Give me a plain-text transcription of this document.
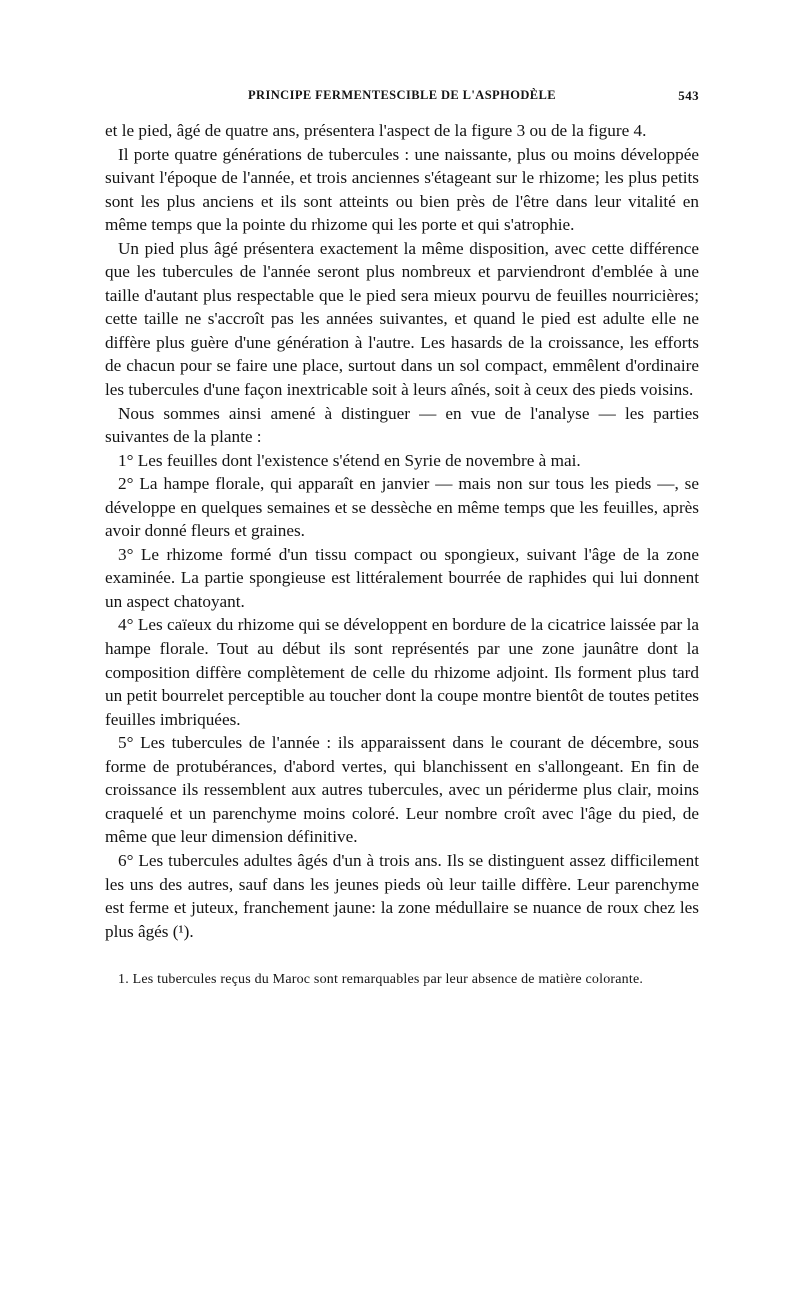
PRINCIPE FERMENTESCIBLE DE L'ASPHODÈLE	543

et le pied, âgé de quatre ans, présentera l'aspect de la figure 3 ou de la figure 4.

Il porte quatre générations de tubercules : une naissante, plus ou moins développée suivant l'époque de l'année, et trois anciennes s'étageant sur le rhizome; les plus petits sont les plus anciens et ils sont atteints ou bien près de l'être dans leur vitalité en même temps que la pointe du rhizome qui les porte et qui s'atrophie.

Un pied plus âgé présentera exactement la même disposition, avec cette différence que les tubercules de l'année seront plus nombreux et parviendront d'emblée à une taille d'autant plus respectable que le pied sera mieux pourvu de feuilles nourricières; cette taille ne s'accroît pas les années suivantes, et quand le pied est adulte elle ne diffère plus guère d'une génération à l'autre. Les hasards de la croissance, les efforts de chacun pour se faire une place, surtout dans un sol compact, emmêlent d'ordinaire les tubercules d'une façon inextricable soit à leurs aînés, soit à ceux des pieds voisins.

Nous sommes ainsi amené à distinguer — en vue de l'analyse — les parties suivantes de la plante :

1° Les feuilles dont l'existence s'étend en Syrie de novembre à mai.

2° La hampe florale, qui apparaît en janvier — mais non sur tous les pieds —, se développe en quelques semaines et se dessèche en même temps que les feuilles, après avoir donné fleurs et graines.

3° Le rhizome formé d'un tissu compact ou spongieux, suivant l'âge de la zone examinée. La partie spongieuse est littéralement bourrée de raphides qui lui donnent un aspect chatoyant.

4° Les caïeux du rhizome qui se développent en bordure de la cicatrice laissée par la hampe florale. Tout au début ils sont représentés par une zone jaunâtre dont la composition diffère complètement de celle du rhizome adjoint. Ils forment plus tard un petit bourrelet perceptible au toucher dont la coupe montre bientôt de toutes petites feuilles imbriquées.

5° Les tubercules de l'année : ils apparaissent dans le courant de décembre, sous forme de protubérances, d'abord vertes, qui blanchissent en s'allongeant. En fin de croissance ils ressemblent aux autres tubercules, avec un périderme plus clair, moins craquelé et un parenchyme moins coloré. Leur nombre croît avec l'âge du pied, de même que leur dimension définitive.

6° Les tubercules adultes âgés d'un à trois ans. Ils se distinguent assez difficilement les uns des autres, sauf dans les jeunes pieds où leur taille diffère. Leur parenchyme est ferme et juteux, franchement jaune: la zone médullaire se nuance de roux chez les plus âgés (¹).

1. Les tubercules reçus du Maroc sont remarquables par leur absence de matière colorante.
